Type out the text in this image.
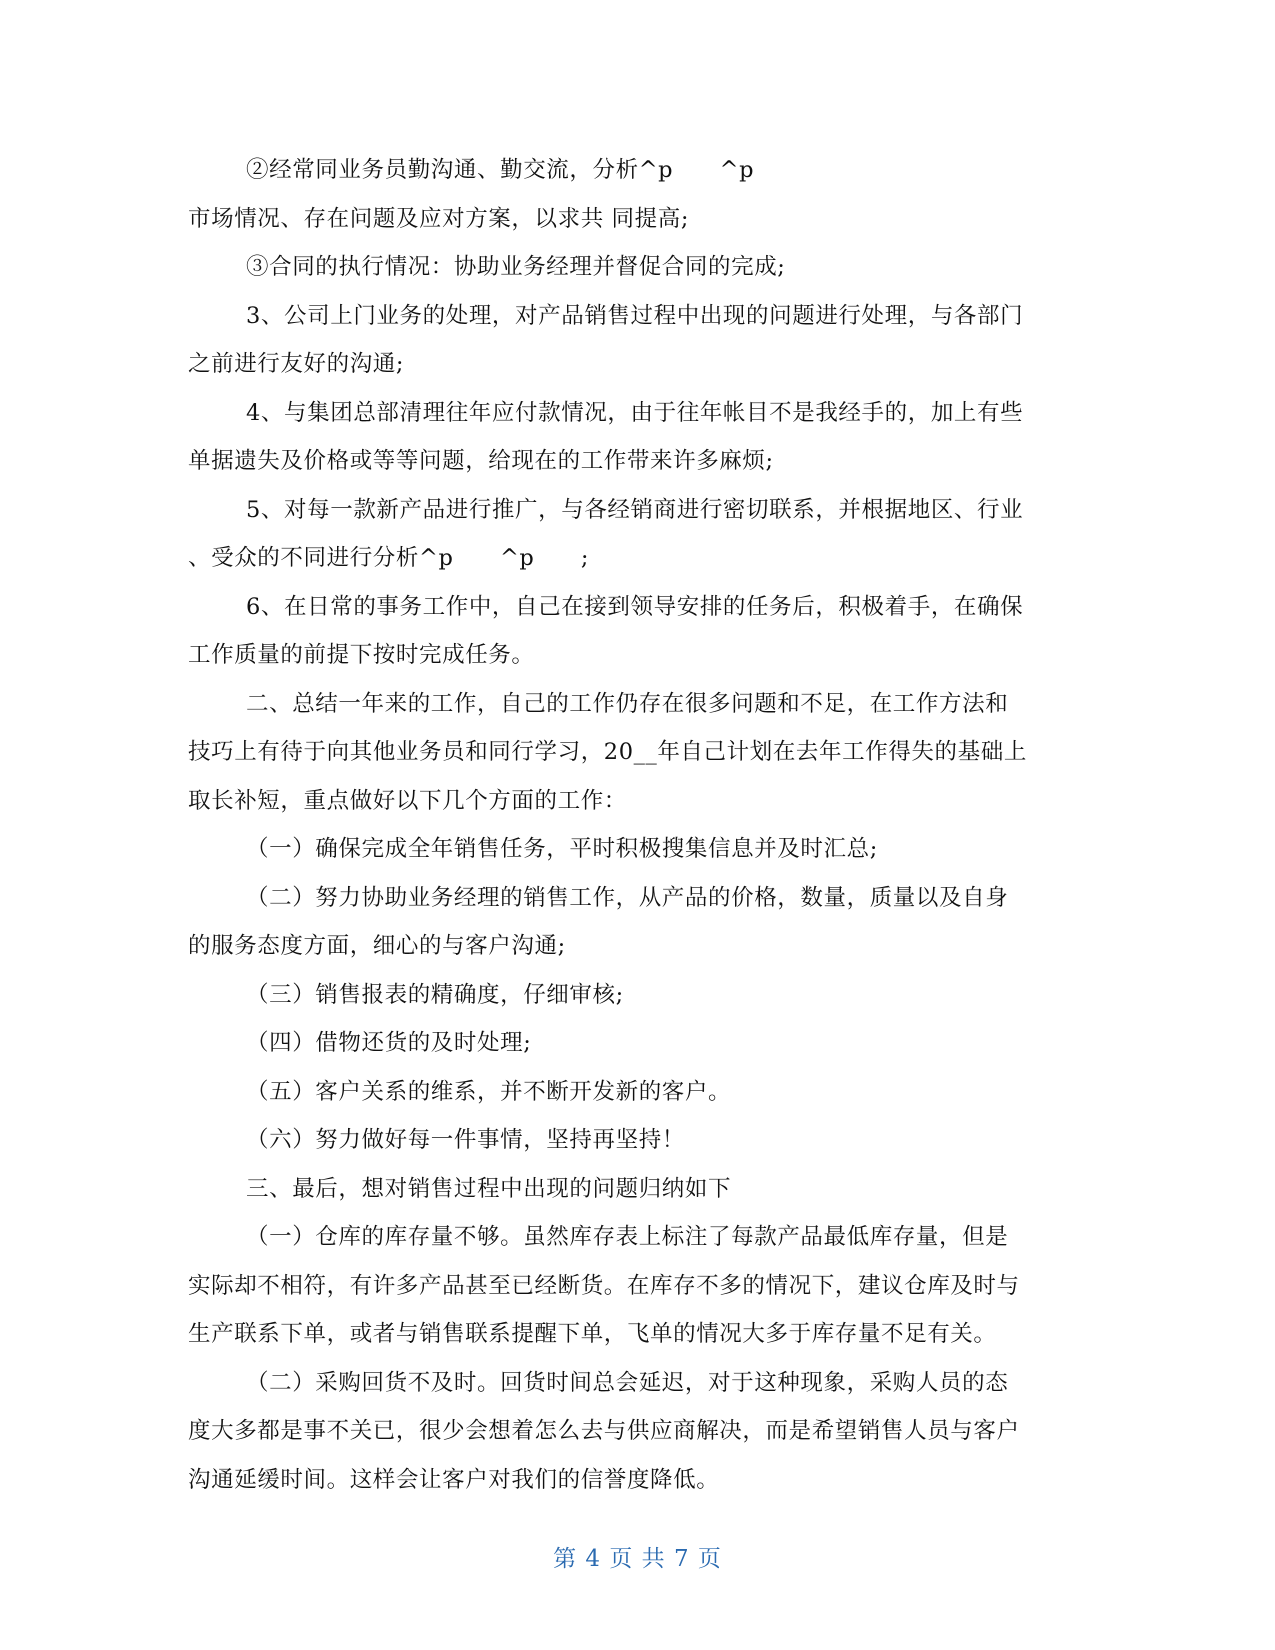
②经常同业务员勤沟通、勤交流，分析^p      ^p
市场情况、存在问题及应对方案，以求共 同提高;
③合同的执行情况：协助业务经理并督促合同的完成;
3、公司上门业务的处理，对产品销售过程中出现的问题进行处理，与各部门
之前进行友好的沟通;
4、与集团总部清理往年应付款情况，由于往年帐目不是我经手的，加上有些
单据遗失及价格或等等问题，给现在的工作带来许多麻烦;
5、对每一款新产品进行推广，与各经销商进行密切联系，并根据地区、行业
、受众的不同进行分析^p      ^p      ;
6、在日常的事务工作中，自己在接到领导安排的任务后，积极着手，在确保
工作质量的前提下按时完成任务。
二、总结一年来的工作，自己的工作仍存在很多问题和不足，在工作方法和
技巧上有待于向其他业务员和同行学习，20__年自己计划在去年工作得失的基础上
取长补短，重点做好以下几个方面的工作：
（一）确保完成全年销售任务，平时积极搜集信息并及时汇总;
（二）努力协助业务经理的销售工作，从产品的价格，数量，质量以及自身
的服务态度方面，细心的与客户沟通;
（三）销售报表的精确度，仔细审核;
（四）借物还货的及时处理;
（五）客户关系的维系，并不断开发新的客户。
（六）努力做好每一件事情，坚持再坚持！
三、最后，想对销售过程中出现的问题归纳如下
（一）仓库的库存量不够。虽然库存表上标注了每款产品最低库存量，但是
实际却不相符，有许多产品甚至已经断货。在库存不多的情况下，建议仓库及时与
生产联系下单，或者与销售联系提醒下单，飞单的情况大多于库存量不足有关。
（二）采购回货不及时。回货时间总会延迟，对于这种现象，采购人员的态
度大多都是事不关已，很少会想着怎么去与供应商解决，而是希望销售人员与客户
沟通延缓时间。这样会让客户对我们的信誉度降低。
第 4 页 共 7 页
